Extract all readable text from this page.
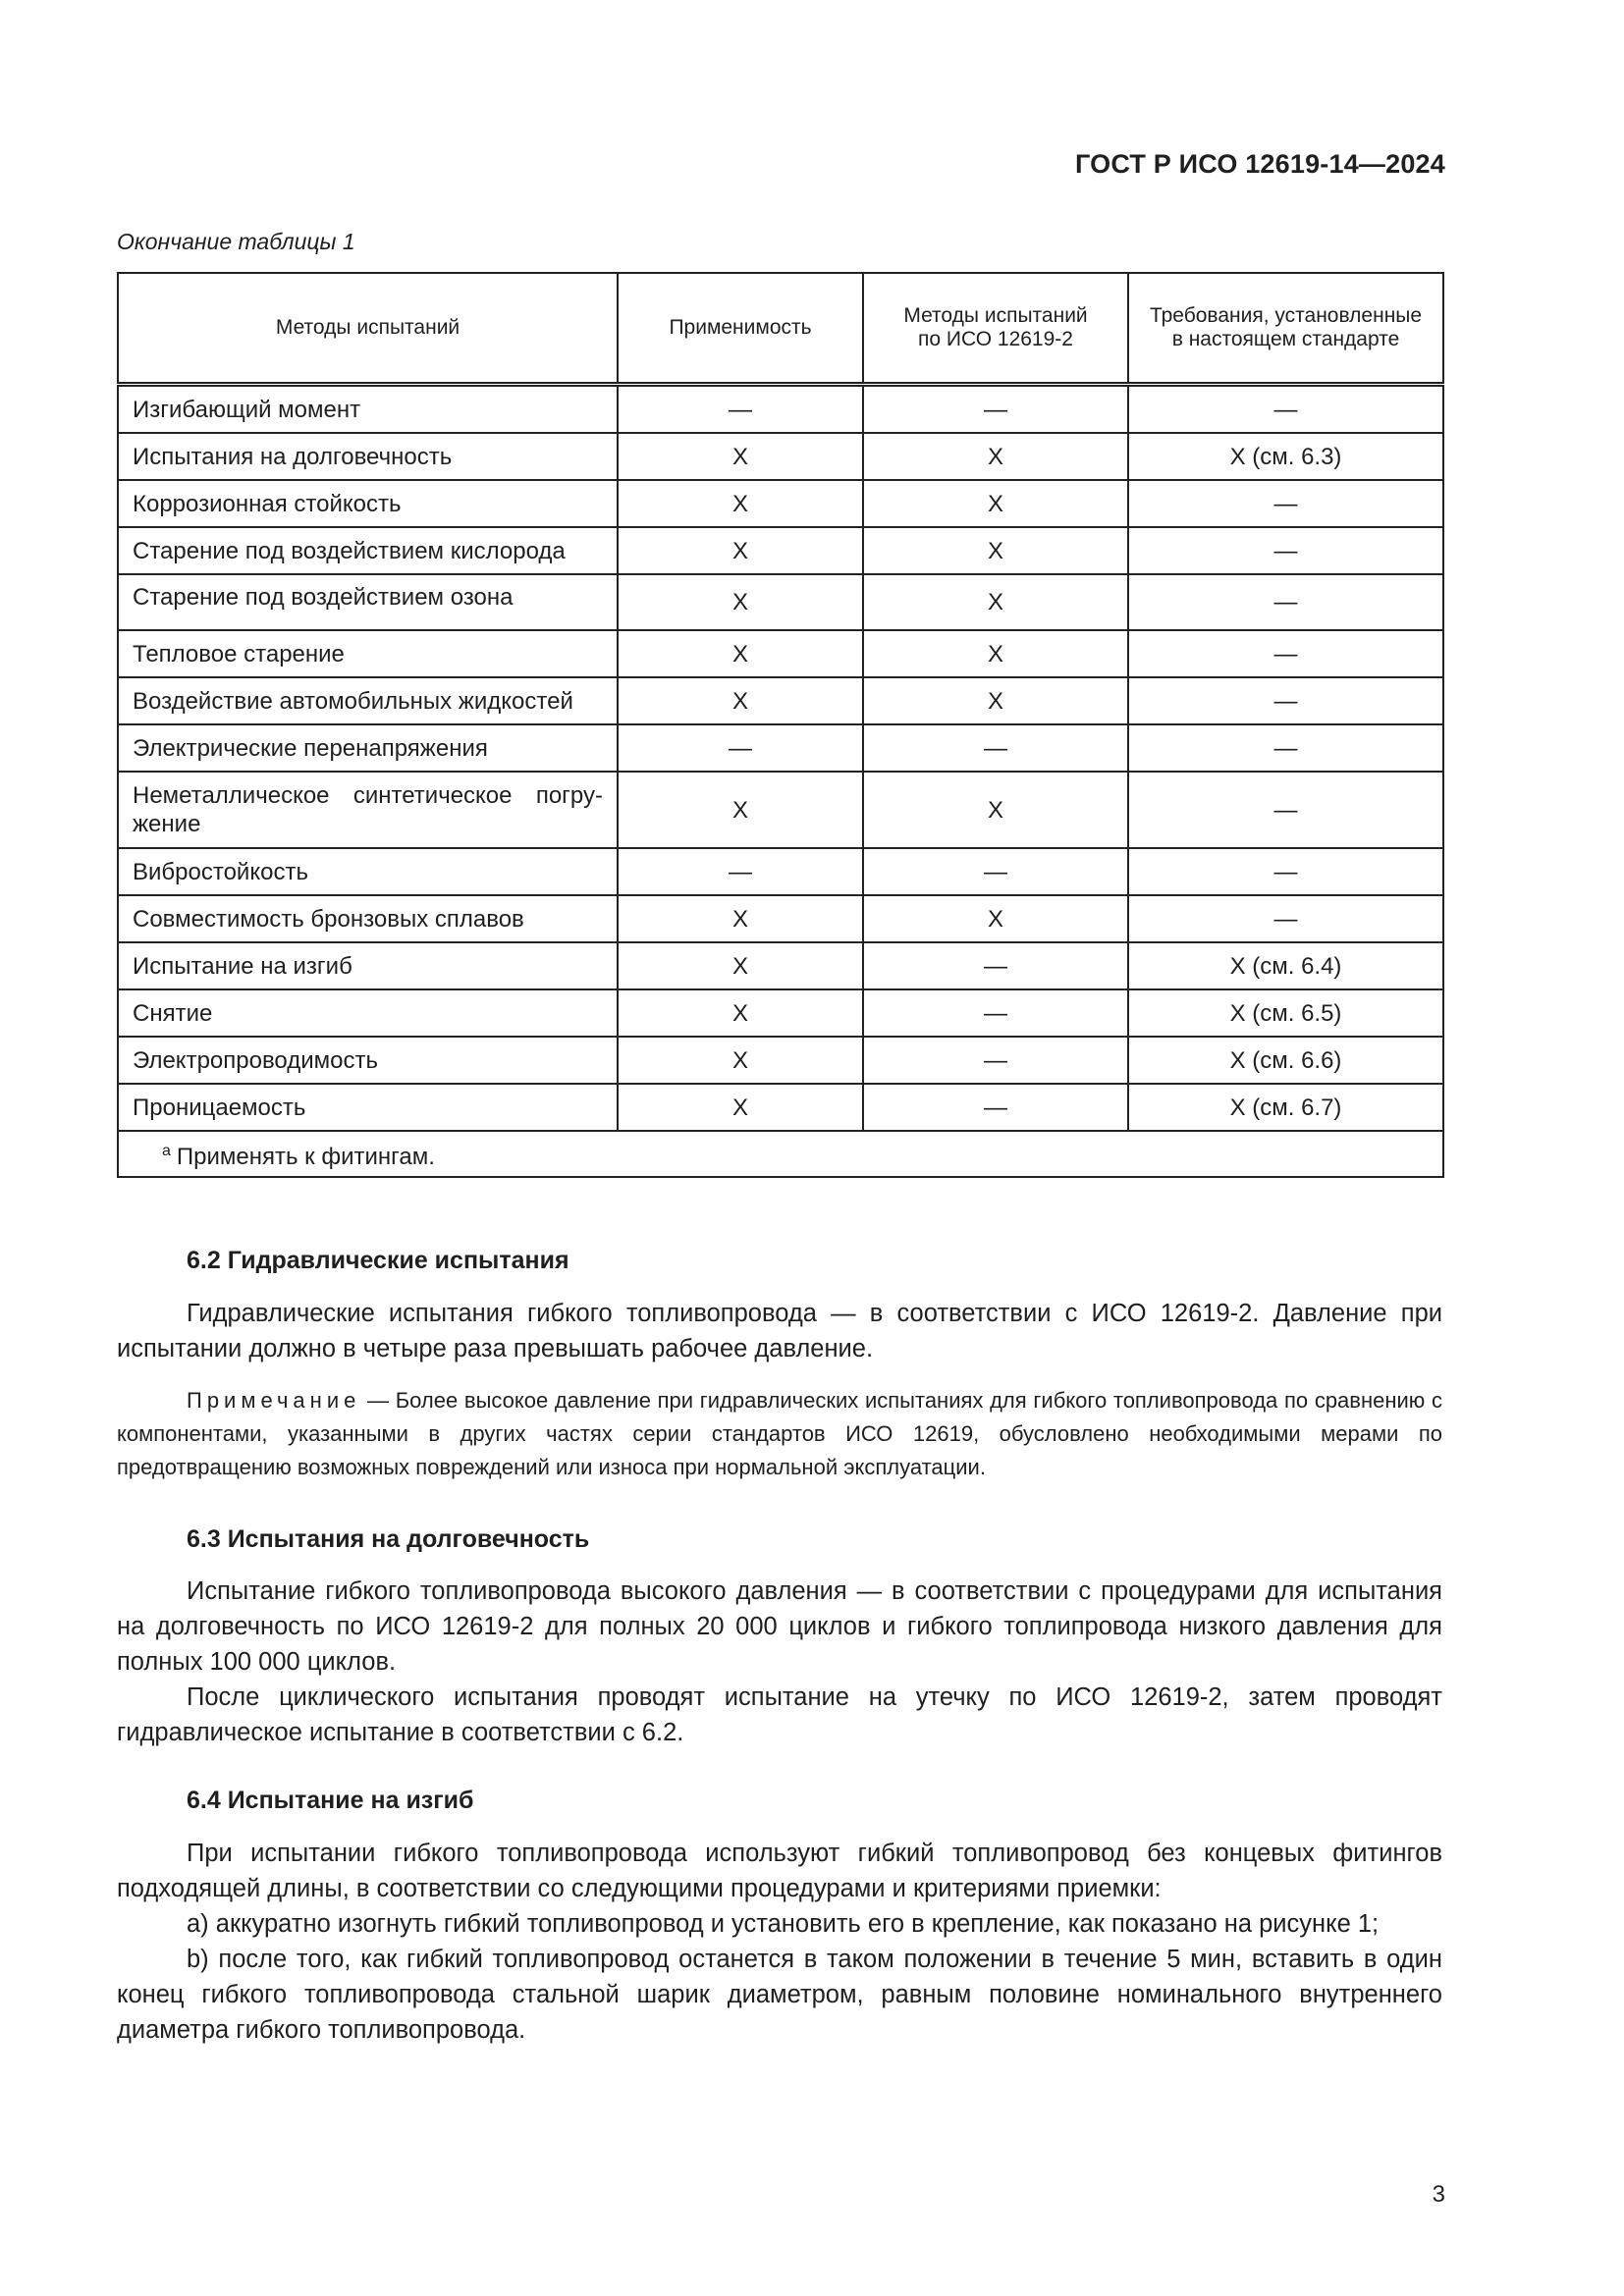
ГОСТ Р ИСО 12619-14—2024
Окончание таблицы 1
Методы испытаний	Применимость	Методы испытаний по ИСО 12619-2	Требования, установленные в настоящем стандарте
Изгибающий момент	—	—	—
Испытания на долговечность	X	X	X (см. 6.3)
Коррозионная стойкость	X	X	—
Старение под воздействием кислорода	X	X	—
Старение под воздействием озона	X	X	—
Тепловое старение	X	X	—
Воздействие автомобильных жидкостей	X	X	—
Электрические перенапряжения	—	—	—
Неметаллическое синтетическое погру-жение	X	X	—
Вибростойкость	—	—	—
Совместимость бронзовых сплавов	X	X	—
Испытание на изгиб	X	—	X (см. 6.4)
Снятие	X	—	X (см. 6.5)
Электропроводимость	X	—	X (см. 6.6)
Проницаемость	X	—	X (см. 6.7)
$^a$ Применять к фитингам.			
6.2 Гидравлические испытания

Гидравлические испытания гибкого топливопровода — в соответствии с ИСО 12619-2. Давление при испытании должно в четыре раза превышать рабочее давление.

Примечание — Более высокое давление при гидравлических испытаниях для гибкого топливопровода по сравнению с компонентами, указанными в других частях серии стандартов ИСО 12619, обусловлено необходимыми мерами по предотвращению возможных повреждений или износа при нормальной эксплуатации.

6.3 Испытания на долговечность

Испытание гибкого топливопровода высокого давления — в соответствии с процедурами для испытания на долговечность по ИСО 12619-2 для полных 20 000 циклов и гибкого топлипровода низкого давления для полных 100 000 циклов.

После циклического испытания проводят испытание на утечку по ИСО 12619-2, затем проводят гидравлическое испытание в соответствии с 6.2.

6.4 Испытание на изгиб

При испытании гибкого топливопровода используют гибкий топливопровод без концевых фитингов подходящей длины, в соответствии со следующими процедурами и критериями приемки:

a) аккуратно изогнуть гибкий топливопровод и установить его в крепление, как показано на рисунке 1;

b) после того, как гибкий топливопровод останется в таком положении в течение 5 мин, вставить в один конец гибкого топливопровода стальной шарик диаметром, равным половине номинального внутреннего диаметра гибкого топливопровода.

3
